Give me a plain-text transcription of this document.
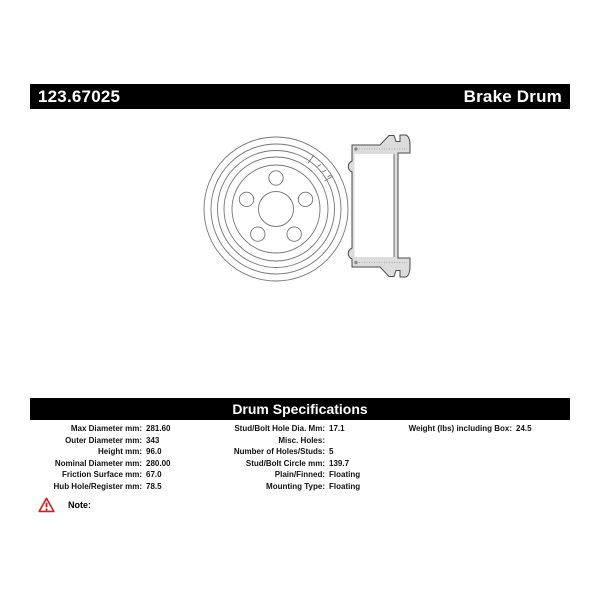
123.67025	Brake Drum
Drum Specifications
Max Diameter mm: 281.60
Outer Diameter mm: 343
Height mm: 96.0
Nominal Diameter mm: 280.00
Friction Surface mm: 67.0
Hub Hole/Register mm: 78.5
Stud/Bolt Hole Dia. Mm: 17.1
Misc. Holes:
Number of Holes/Studs: 5
Stud/Bolt Circle mm: 139.7
Plain/Finned: Floating
Mounting Type: Floating
Weight (lbs) including Box: 24.5
Note:
